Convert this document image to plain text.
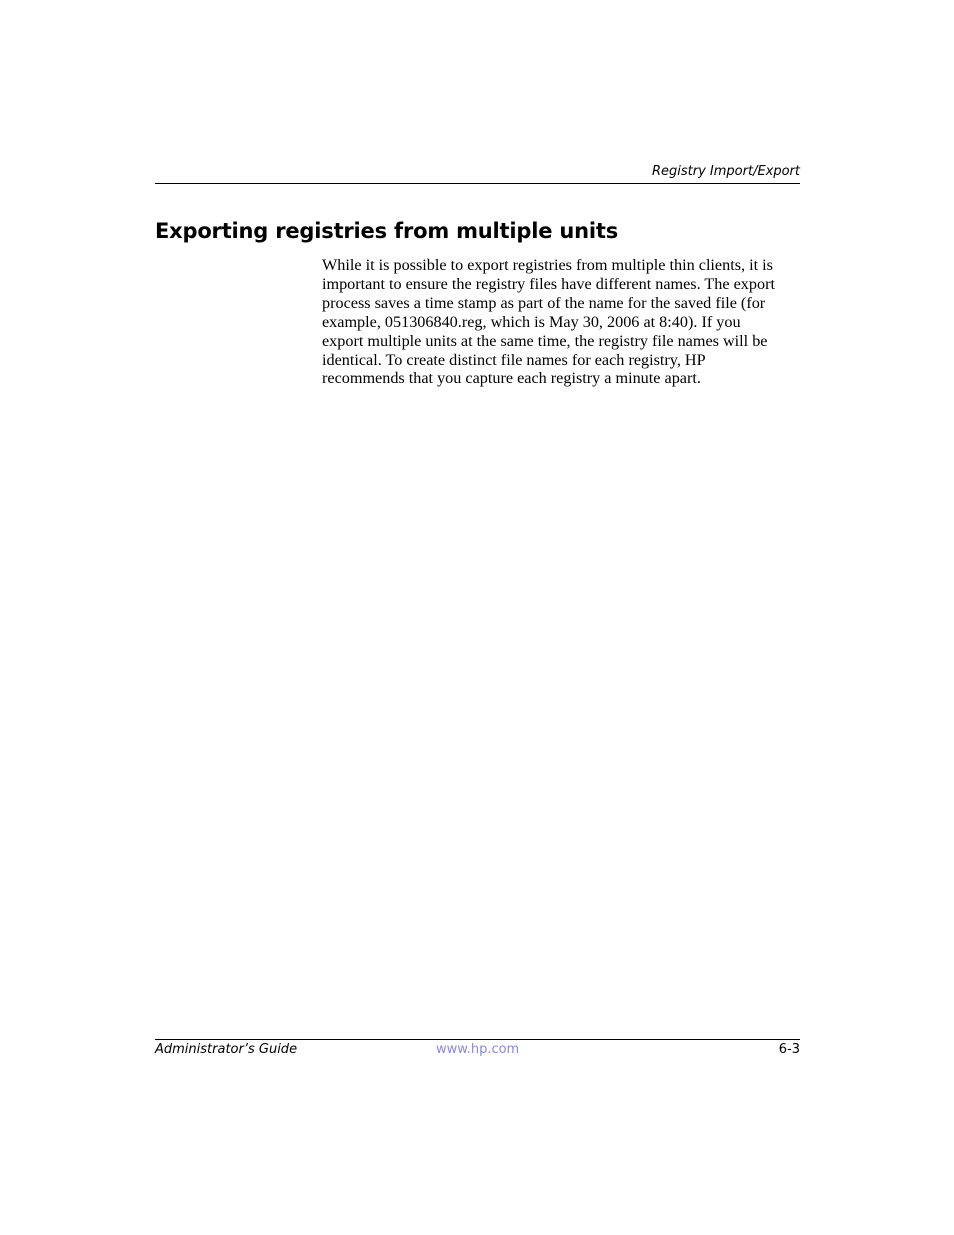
Registry Import/Export
Exporting registries from multiple units

While it is possible to export registries from multiple thin clients, it is
important to ensure the registry files have different names. The export
process saves a time stamp as part of the name for the saved file (for
example, 051306840.reg, which is May 30, 2006 at 8:40). If you
export multiple units at the same time, the registry file names will be
identical. To create distinct file names for each registry, HP
recommends that you capture each registry a minute apart.

Administrator’s Guide	www.hp.com	6-3
